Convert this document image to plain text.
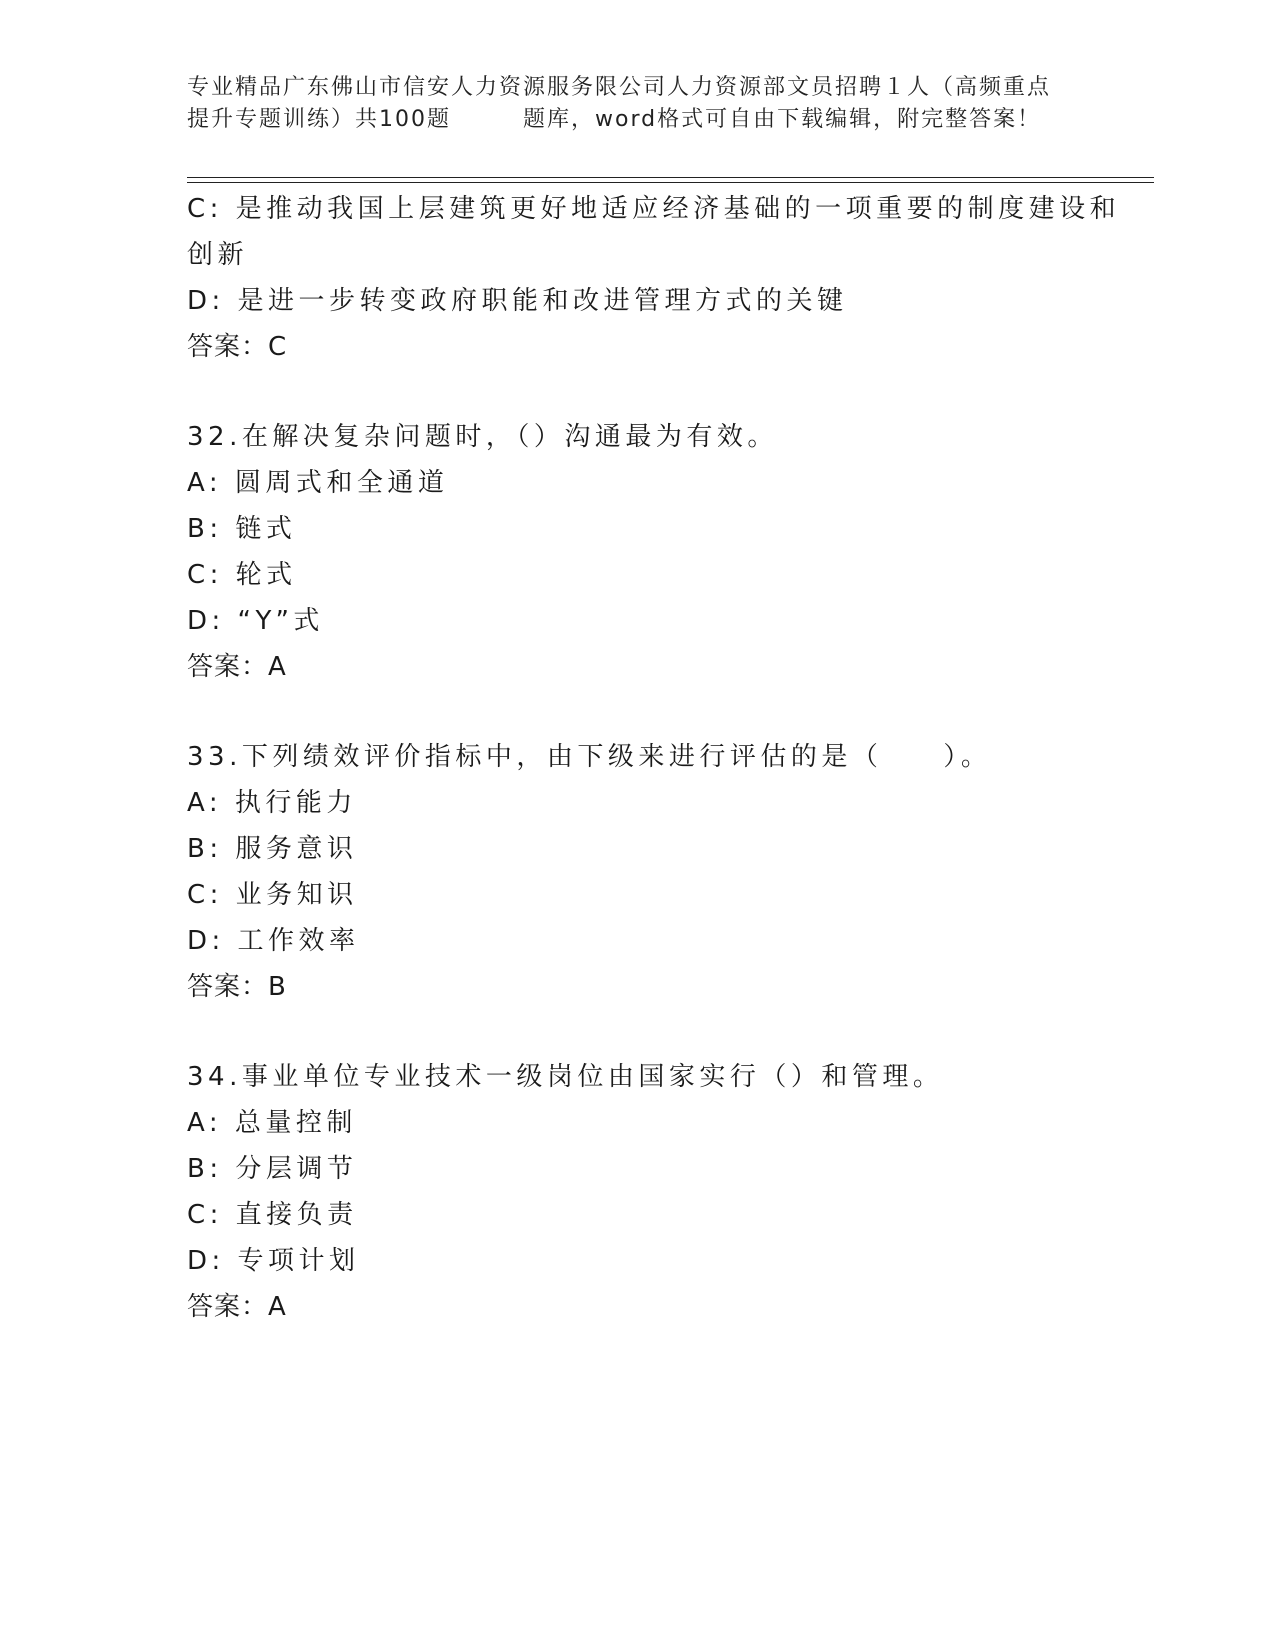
专业精品广东佛山市信安人力资源服务限公司人力资源部文员招聘１人（高频重点
提升专题训练）共100题　　　题库，word格式可自由下载编辑，附完整答案！
C: 是推动我国上层建筑更好地适应经济基础的一项重要的制度建设和
创新
D: 是进一步转变政府职能和改进管理方式的关键
答案：C
32.在解决复杂问题时，（）沟通最为有效。
A: 圆周式和全通道
B: 链式
C: 轮式
D: “Y”式
答案：A
33.下列绩效评价指标中，由下级来进行评估的是（　　）。
A: 执行能力
B: 服务意识
C: 业务知识
D: 工作效率
答案：B
34.事业单位专业技术一级岗位由国家实行（）和管理。
A: 总量控制
B: 分层调节
C: 直接负责
D: 专项计划
答案：A
